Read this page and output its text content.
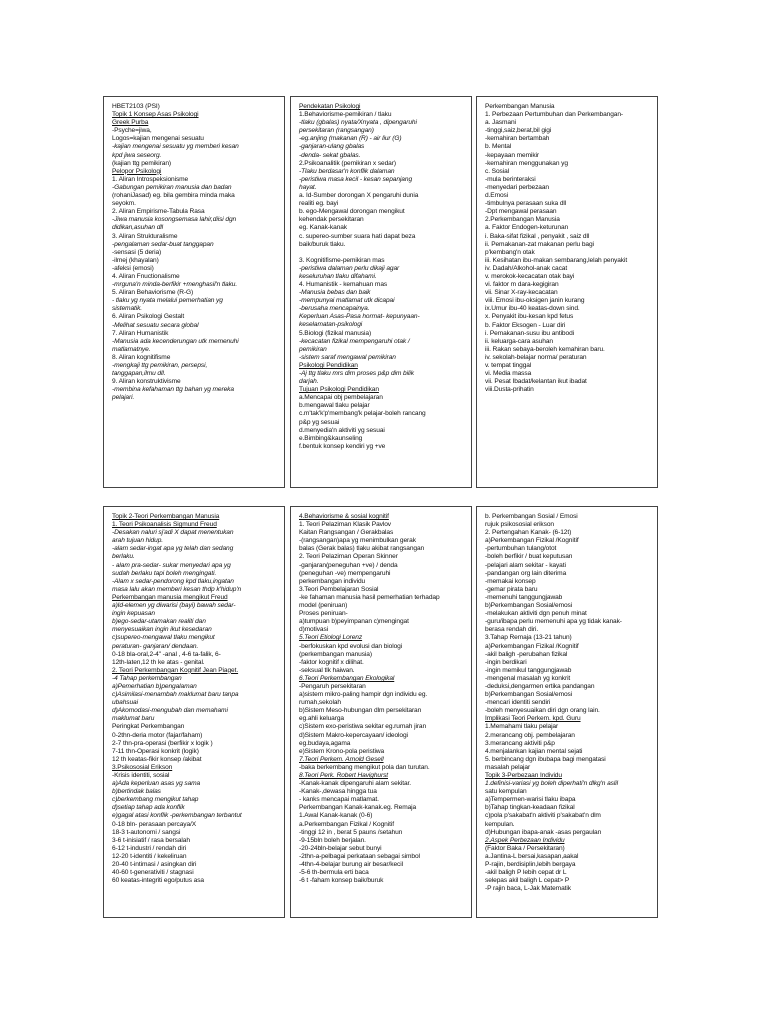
HBET2103 (PSI)
Topik 1 Konsep Asas Psikologi
Greek Purba
-Psyche=jiwa,
Logos=kajian mengenai sesuatu
-kajian mengenai sesuatu yg memberi kesan
kpd jiwa seseorg.
(kajian ttg pemikiran)
Pelopor Psikologi
1. Aliran Introspeksionisme
-Gabungan pemikiran manusia dan badan
(rohaniJasad) eg. bila gembira minda maka
seyokm.
2. Aliran Empirisme-Tabula Rasa
-Jiwa manusia kosongsemasa lahir,diisi dgn
didikan,asuhan dll
3. Aliran Strukturalisme
-pengalaman sedar-buat tanggapan
-sensasi (5 deria)
-ilmej (khayalan)
-afeksi (emosi)
4. Aliran Fnuctionalisme
-mrguna'n minda-berfikir +menghasil'n tlaku.
5. Aliran Behaviorisme (R-G)
- tlaku yg nyata melalui pemerhatian yg
sistematik.
6. Aliran Psikologi Gestalt
-Melihat sesuatu secara global
7. Aliran Humanistik
-Manusia ada kecenderungan utk memenuhi
matlamatnye.
8. Aliran kognitifisme
-mengkaji ttg pemikiran, persepsi,
tanggapan,ilmu dll.
9. Aliran konstruktivisme
-membina kefahaman ttg bahan yg mereka
pelajari.
Pendekatan Psikologi
1.Behaviorisme-pemikiran / tlaku
-tlaku (gbalas) nyata/Xnyata , dipengaruhi
persekitaran (rangsangan)
-eg.anjing (makanan (R) - air liur (G)
-ganjaran-ulang gbalas
-denda- sekat gbalas.
2.Psikoanalitik (pemikiran x sedar)
-Tlaku berdasar'n konflik dalaman
-peristiwa masa kecil - kesan sepanjang
hayat.
a. Id-Sumber dorongan X pengaruhi dunia
realiti eg. bayi
b. ego-Mengawal dorongan mengikut
kehendak persekitaran
eg. Kanak-kanak
c. supereo-sumber suara hati dapat beza
baik/buruk tlaku.
3. Kognitifisme-pemikiran mas
-peristiwa dalaman perlu dikaji agar
keseluruhan tlaku difahami.
4. Humanistik - kemahuan mas
-Manusia bebas dan baik
-mempunyai matlamat utk dicapai
-berusaha mencapainya.
Keperluan Asas-Pasa hormat- kepunyaan-
keselamatan-psikologi
5.Biologi (fizikal manusia)
-kecacatan fizikal mempengaruhi otak /
pemikiran
-sistem saraf mengawal pemikiran
Psikologi Pendidikan
-Aj ttg tlaku mrs dim proses p&p dim bilik
darjah.
Tujuan Psikologi Pendidikan
a.Mencapai obj pembelajaran
b.mengawal tlaku pelajar
c.m'tak'k'p'membang'k pelajar-boleh rancang
p&p yg sesuai
d.menyedia'n aktiviti yg sesuai
e.Bimbing&kaunseling
f.bentuk konsep kendiri yg +ve
Perkembangan Manusia
1. Perbezaan Pertumbuhan dan Perkembangan-
a. Jasmani
-tinggi,saiz,berat,bil gigi
-kemahiran bertambah
b. Mental
-kepayaan memikir
-kemahiran menggunakan yg
c. Sosial
-mula berinteraksi
-menyedari perbezaan
d.Emosi
-timbulnya perasaan suka dll
-Dpt mengawal perasaan
2.Perkembangan Manusia
a. Faktor Endogen-keturunan
i. Baka-sifat fizikal , penyakit , saiz dll
ii. Pemakanan-zat makanan perlu bagi
p'kembang'n otak
iii. Kesihatan ibu-makan sembarang,lelah penyakit
iv. Dadah/Alkohol-anak cacat
v. merokok-kecacatan otak bayi
vi. faktor m dara-kegigiran
vii. Sinar X-ray-kecacatan
viii. Emosi ibu-oksigen janin kurang
ix.Umur ibu-40 keatas-down sind.
x. Penyakit ibu-kesan kpd fetus
b. Faktor Eksogen - Luar diri
i. Pemakanan-susu ibu antibodi
ii. keluarga-cara asuhan
iii. Rakan sebaya-beroleh kemahiran baru.
iv. sekolah-belajar norma/ peraturan
v. tempat tinggal
vi. Media massa
vii. Pesat Ibadat/kelantan ikut ibadat
viii.Dusta-prihatin
Topik 2-Teori Perkembangan Manusia
1. Teori Psikoanalisis Sigmund Freud
-Desakan naluri sj'adi X dapat menentukan
arah tujuan hidup.
-alam sedar-ingat apa yg telah dan sedang
berlaku.
- alam pra-sedar- sukar menyedari apa yg
sudah berlaku tapi boleh mengingati.
-Alam x sedar-pendorong kpd tlaku,ingatan
masa lalu akan memberi kesan thdp k'hidup'n
Perkembangan manusia mengikut Freud
a)Id-elemen yg diwarisi (bayi) bawah sedar-
ingin kepuasan
b)ego-sedar-utamakan realiti dan
menyesuaikan ingin ikut kesedaran
c)supereo-mengawal tlaku mengikut
peraturan- ganjaran/ dendaan.
0-18 bla-oral,2-4" -anal , 4-6 ta-falik, 6-
12th-laten,12 th ke atas - genital.
2. Teori Perkembangan Kognitif Jean Piaget.
-4 Tahap perkembangan
a)Pemerhatian b)pengalaman
c)Asimilasi-menambah maklumat baru tanpa
ubahsuai
d)Akomodasi-mengubah dan memahami
maklumat baru
Peringkat Perkembangan
0-2thn-deria motor (fajar/faham)
2-7 thn-pra-operasi (berfikir x logik )
7-11 thn-Operasi konkrit (logik)
12 th keatas-fikir konsep /akibat
3.Psikososial Erikson
-Krisis identiti, sosial
a)Ada keperluan asas yg sama
b)bertindak balas
c)berkembang mengikut tahap
d)setiap tahap ada konflik
e)gagal atasi konflik -perkembangan terbantut
0-18 bln- perasaan percaya/X
18-3 t-autonomi / sangsi
3-6 t-inisiatif / rasa bersalah
6-12 t-industri / rendah diri
12-20 t-identiti / kekeliruan
20-40 t-intimasi / asingkan diri
40-60 t-generativiti / stagnasi
60 keatas-integriti ego/putus asa
4.Behaviorisme & sosial kognitif
1. Teori Pelaziman Klasik Pavlov
Kaitan Rangsangan / Gerakbalas
-(rangsangan)apa yg menimbulkan gerak
balas (Gerak balas) tlaku akibat rangsangan
2. Teori Pelaziman Operan Skinner
-ganjaran(peneguhan +ve) / denda
(peneguhan -ve) mempengaruhi
perkembangan individu
3.Teori Pembelajaran Sosial
-ke fahaman manusia hasil pemerhatian terhadap
model (peniruan)
Proses peniruan-
a)tumpuan b)peyimpanan c)mengingat
d)motivasi
5.Teori Etiologi Lorenz
-berfokuskan kpd evolusi dan biologi
(perkembangan manusia)
-faktor kognitif x dilihat.
-seksual tlk haiwan.
6.Teori Perkembangan Ekologikal
-Pengaruh persekitaran
a)sistem mikro-paling hampir dgn individu eg.
rumah,sekolah
b)Sistem Meso-hubungan dlm persekitaran
eg.ahli keluarga
c)Sistem exo-peristiwa sekitar eg.rumah jiran
d)Sistem Makro-kepercayaan/ ideologi
eg.budaya,agama
e)Sistem Krono-pola peristiwa
7.Teori Perkem. Arnold Gesell
-baka berkembang mengikut pola dan turutan.
8.Teori Perk. Robert Havighurst
-Kanak-kanak dipengaruhi alam sekitar.
-Kanak-,dewasa hingga tua
- kanks mencapai matlamat.
Perkembangan Kanak-kanak.eg. Remaja
1.Awal Kanak-kanak (0-6)
a.Perkembangan Fizikal / Kognitif
-tinggi 12 in , berat 5 pauns /setahun
-9-15bln boleh berjalan.
-20-24bln-belajar sebut bunyi
-2thn-a-pelbagai perkataan sebagai simbol
-4thn-4-belajar burung air besar/kecil
-5-6 th-bermula erti baca
-6 t -faham konsep baik/buruk
b. Perkembangan Sosial / Emosi
rujuk psikososial erikson
2. Pertengahan Kanak- (6-12t)
a)Perkembangan Fizikal /Kognitif
-pertumbuhan tulang/otot
-boleh berfikir / buat keputusan
-pelajari alam sekitar - kayati
-pandangan org lain diterima
-memakai konsep
-gemar pirata baru
-memenuhi tanggungjawab
b)Perkembangan Sosial/emosi
-melakukan aktiviti dgn penuh minat
-guru/ibapa perlu memenuhi apa yg tidak kanak-
berasa rendah diri.
3.Tahap Remaja (13-21 tahun)
a)Perkembangan Fizikal /Kognitif
-akil baligh -perubahan fizikal
-ingin berdikari
-ingin memikul tanggungjawab
-mengenal masalah yg konkrit
-deduksi,dengarmen ertika pandangan
b)Perkembangan Sosial/emosi
-mencari identiti sendiri
-boleh menyesuaikan diri dgn orang lain.
Implikasi Teori Perkem. kpd. Guru
1.Memahami tlaku pelajar
2.merancang obj. pembelajaran
3.merancang aktiviti p&p
4.menjalankan kajian mental sejati
5. berbincang dgn ibubapa bagi mengatasi
masalah pelajar
Topik 3-Perbezaan Individu
1.definisi-variasi yg boleh diperhati'n dlkg'n aslil
satu kempulan
a)Tempermen-warisi tlaku ibapa
b)Tahap tingkan-keadaan fizikal
c)pola p'sakabat'n aktiviti p'sakabat'n dlm
kempulan.
d)Hubungan ibapa-anak -asas pergaulan
2.Aspek Perbezaan Individu
(Faktor Baka / Persekitaran)
a.Jantina-L bersai,kasapan,aakal
P-rajin, berdisiplin,lebih bergaya
-akil baligh P lebih cepat dr L
selepas akil baligh L cepat> P
-P rajin baca, L-Jak Matematik
